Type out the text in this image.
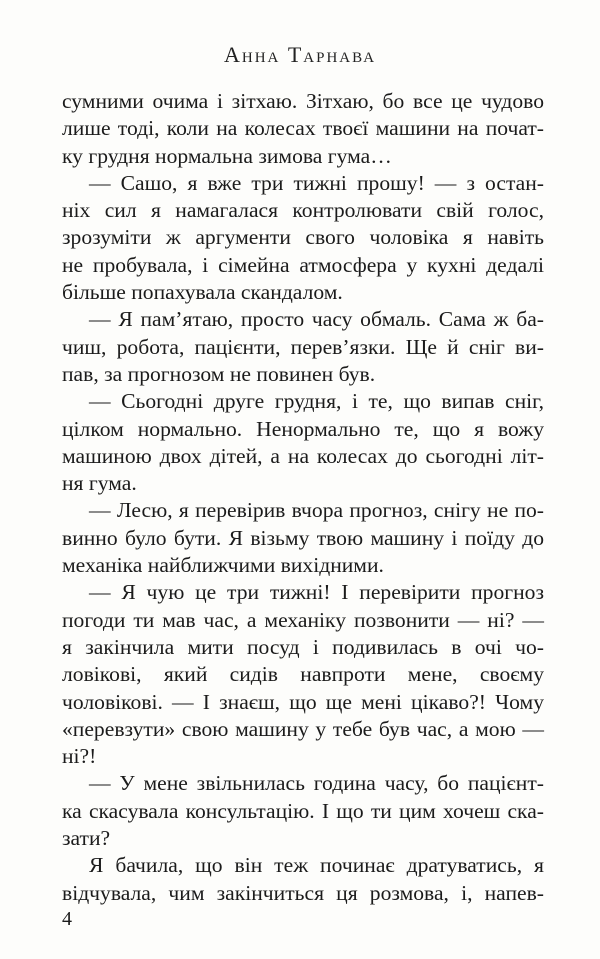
Анна Тарнава
сумними очима і зітхаю. Зітхаю, бо все це чудово
лише тоді, коли на колесах твоєї машини на почат-
ку грудня нормальна зимова гума…
— Сашо, я вже три тижні прошу! — з остан-
ніх сил я намагалася контролювати свій голос,
зрозуміти ж аргументи свого чоловіка я навіть
не пробувала, і сімейна атмосфера у кухні дедалі
більше попахувала скандалом.
— Я пам’ятаю, просто часу обмаль. Сама ж ба-
чиш, робота, пацієнти, перев’язки. Ще й сніг ви-
пав, за прогнозом не повинен був.
— Сьогодні друге грудня, і те, що випав сніг,
цілком нормально. Ненормально те, що я вожу
машиною двох дітей, а на колесах до сьогодні літ-
ня гума.
— Лесю, я перевірив вчора прогноз, снігу не по-
винно було бути. Я візьму твою машину і поїду до
механіка найближчими вихідними.
— Я чую це три тижні! І перевірити прогноз
погоди ти мав час, а механіку позвонити — ні? —
я закінчила мити посуд і подивилась в очі чо-
ловікові, який сидів навпроти мене, своєму
чоловікові. — І знаєш, що ще мені цікаво?! Чому
«перевзути» свою машину у тебе був час, а мою —
ні?!
— У мене звільнилась година часу, бо пацієнт-
ка скасувала консультацію. І що ти цим хочеш ска-
зати?
Я бачила, що він теж починає дратуватись, я
відчувала, чим закінчиться ця розмова, і, напев-
4
